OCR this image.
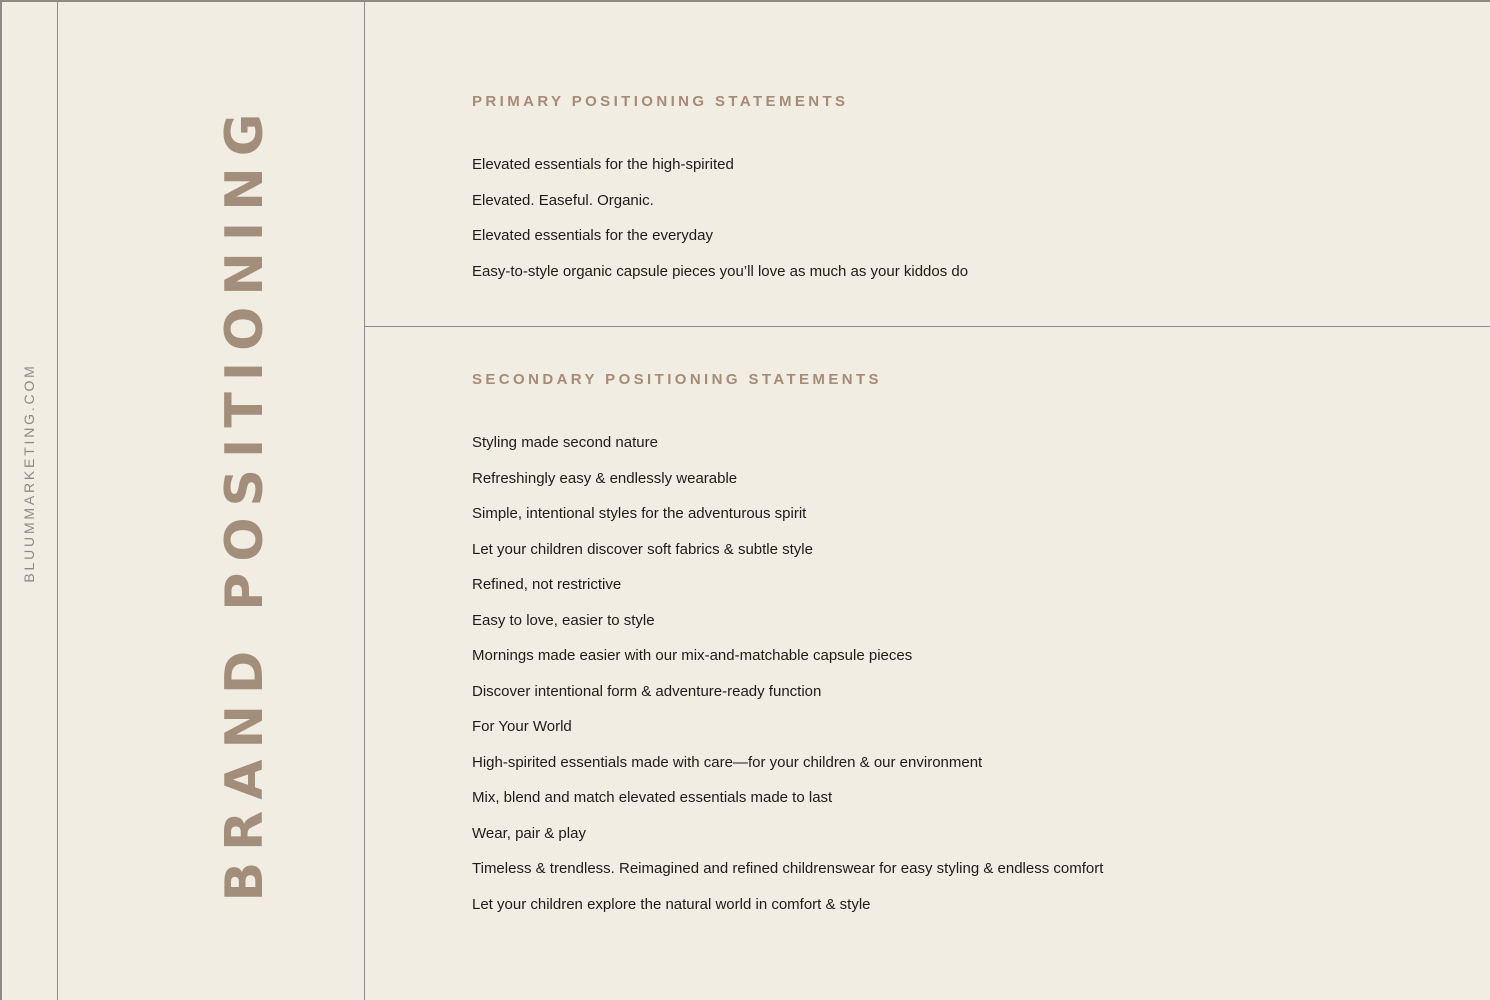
BLUUMMARKETING.COM	BRAND POSITIONING
PRIMARY POSITIONING STATEMENTS
Elevated essentials for the high-spirited
Elevated. Easeful. Organic.
Elevated essentials for the everyday
Easy-to-style organic capsule pieces you’ll love as much as your kiddos do
SECONDARY POSITIONING STATEMENTS
Styling made second nature
Refreshingly easy & endlessly wearable
Simple, intentional styles for the adventurous spirit
Let your children discover soft fabrics & subtle style
Refined, not restrictive
Easy to love, easier to style
Mornings made easier with our mix-and-matchable capsule pieces
Discover intentional form & adventure-ready function
For Your World
High-spirited essentials made with care—for your children & our environment
Mix, blend and match elevated essentials made to last
Wear, pair & play
Timeless & trendless. Reimagined and refined childrenswear for easy styling & endless comfort
Let your children explore the natural world in comfort & style
